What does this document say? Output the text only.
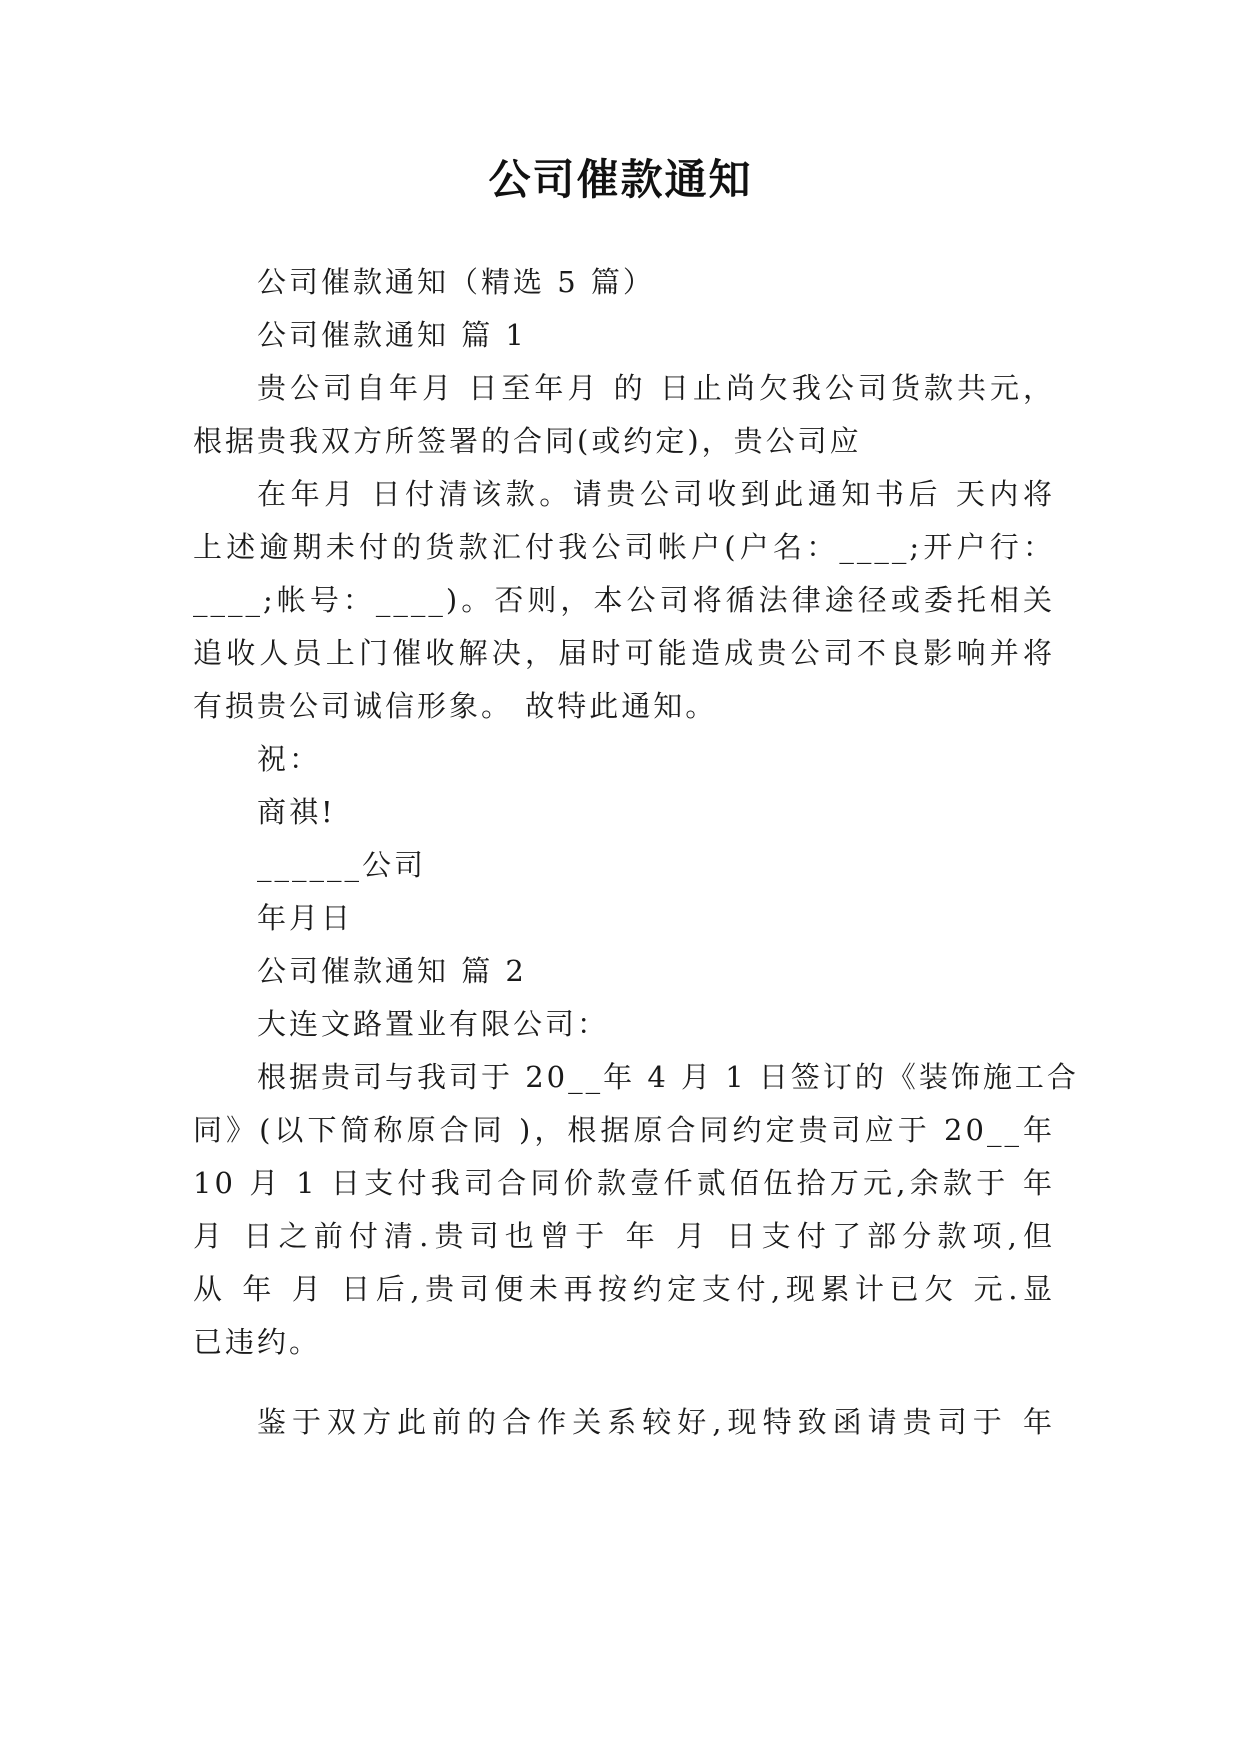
公司催款通知
公司催款通知（精选 5 篇）
公司催款通知 篇 1
贵公司自年月 日至年月 的 日止尚欠我公司货款共元，
根据贵我双方所签署的合同(或约定)，贵公司应
在年月 日付清该款。请贵公司收到此通知书后 天内将
上述逾期未付的货款汇付我公司帐户(户名：____;开户行：
____;帐号：____)。否则，本公司将循法律途径或委托相关
追收人员上门催收解决，届时可能造成贵公司不良影响并将
有损贵公司诚信形象。 故特此通知。
祝：
商祺!
______公司
年月日
公司催款通知 篇 2
大连文路置业有限公司：
根据贵司与我司于 20__年 4 月 1 日签订的《装饰施工合
同》(以下简称原合同 )，根据原合同约定贵司应于 20__年
10 月 1 日支付我司合同价款壹仟贰佰伍拾万元,余款于 年
月 日之前付清.贵司也曾于 年 月 日支付了部分款项,但
从 年 月 日后,贵司便未再按约定支付,现累计已欠 元.显
已违约。
鉴于双方此前的合作关系较好,现特致函请贵司于 年
